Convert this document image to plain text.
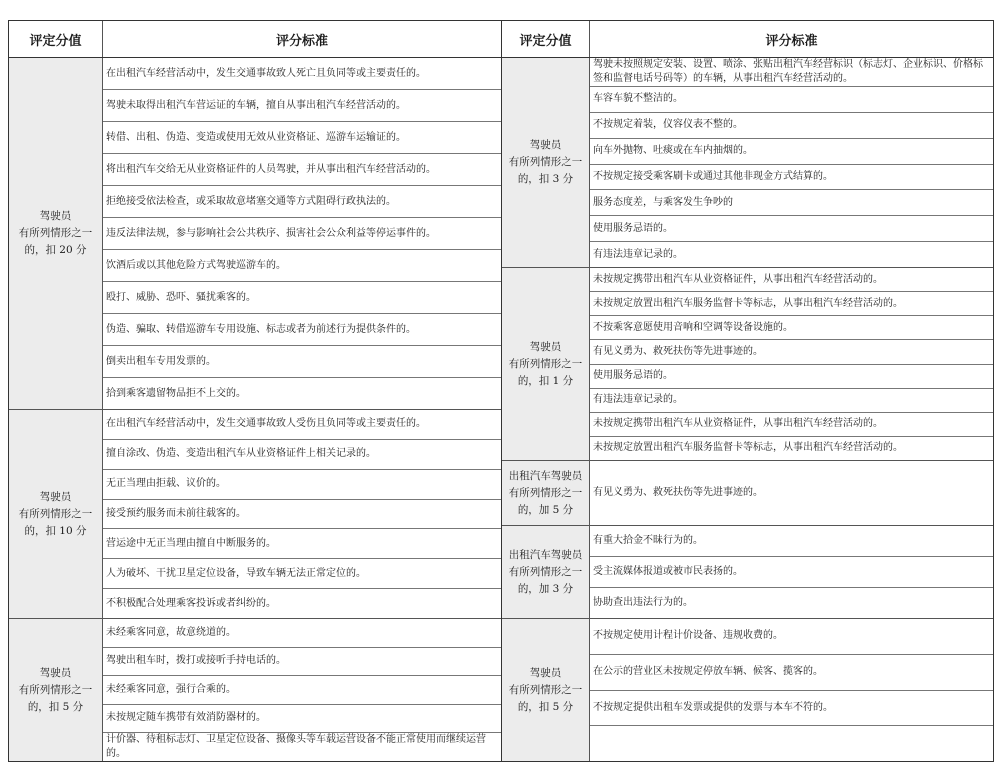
评定分值	评分标准
驾驶员
有所列情形之一
的，扣 20 分
在出租汽车经营活动中，发生交通事故致人死亡且负同等或主要责任的。
驾驶未取得出租汽车营运证的车辆，擅自从事出租汽车经营活动的。
转借、出租、伪造、变造或使用无效从业资格证、巡游车运输证的。
将出租汽车交给无从业资格证件的人员驾驶，并从事出租汽车经营活动的。
拒绝接受依法检查，或采取故意堵塞交通等方式阻碍行政执法的。
违反法律法规，参与影响社会公共秩序、损害社会公众利益等停运事件的。
饮酒后或以其他危险方式驾驶巡游车的。
殴打、威胁、恐吓、骚扰乘客的。
伪造、骗取、转借巡游车专用设施、标志或者为前述行为提供条件的。
倒卖出租车专用发票的。
拾到乘客遗留物品拒不上交的。
驾驶员
有所列情形之一
的，扣 10 分
在出租汽车经营活动中，发生交通事故致人受伤且负同等或主要责任的。
擅自涂改、伪造、变造出租汽车从业资格证件上相关记录的。
无正当理由拒载、议价的。
接受预约服务而未前往载客的。
营运途中无正当理由擅自中断服务的。
人为破坏、干扰卫星定位设备，导致车辆无法正常定位的。
不积极配合处理乘客投诉或者纠纷的。
驾驶员
有所列情形之一
的，扣 5 分
未经乘客同意，故意绕道的。
驾驶出租车时，拨打或接听手持电话的。
未经乘客同意，强行合乘的。
未按规定随车携带有效消防器材的。
计价器、待租标志灯、卫星定位设备、摄像头等车载运营设备不能正常使用而继续运营的。
评定分值	评分标准
驾驶员
有所列情形之一
的，扣 3 分
驾驶未按照规定安装、设置、喷涂、张贴出租汽车经营标识（标志灯、企业标识、价格标签和监督电话号码等）的车辆，从事出租汽车经营活动的。
车容车貌不整洁的。
不按规定着装，仪容仪表不整的。
向车外抛物、吐痰或在车内抽烟的。
不按规定接受乘客刷卡或通过其他非现金方式结算的。
服务态度差，与乘客发生争吵的
使用服务忌语的。
有违法违章记录的。
驾驶员
有所列情形之一
的，扣 1 分
未按规定携带出租汽车从业资格证件，从事出租汽车经营活动的。
未按规定放置出租汽车服务监督卡等标志，从事出租汽车经营活动的。
不按乘客意愿使用音响和空调等设备设施的。
有见义勇为、救死扶伤等先进事迹的。
使用服务忌语的。
有违法违章记录的。
未按规定携带出租汽车从业资格证件，从事出租汽车经营活动的。
未按规定放置出租汽车服务监督卡等标志，从事出租汽车经营活动的。
出租汽车驾驶员
有所列情形之一
的，加 5 分
有见义勇为、救死扶伤等先进事迹的。
出租汽车驾驶员
有所列情形之一
的，加 3 分
有重大拾金不昧行为的。
受主流媒体报道或被市民表扬的。
协助查出违法行为的。
驾驶员
有所列情形之一
的，扣 5 分
不按规定使用计程计价设备、违规收费的。
在公示的营业区未按规定停放车辆、候客、揽客的。
不按规定提供出租车发票或提供的发票与本车不符的。
